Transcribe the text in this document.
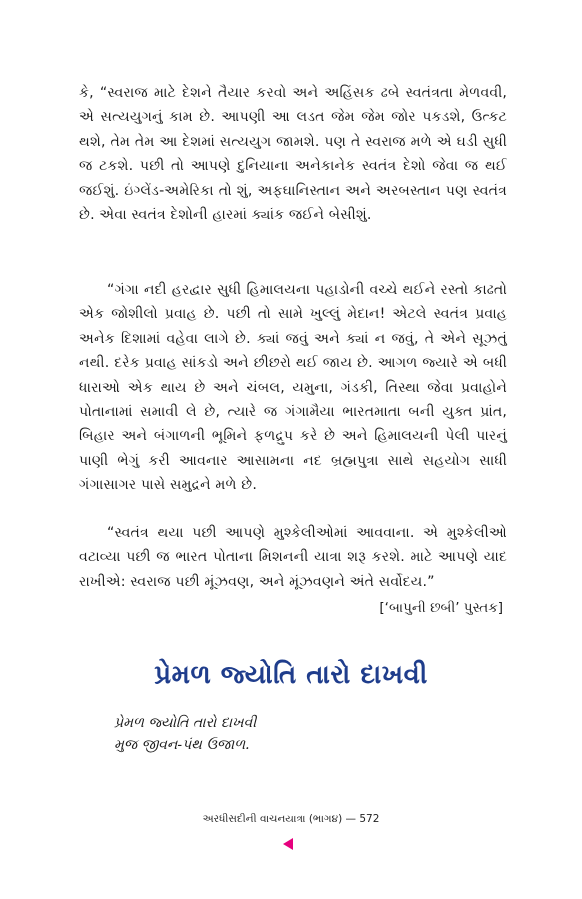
કે, “સ્વરાજ માટે દેશને તૈયાર કરવો અને અહિંસક ઢબે સ્વતંત્રતા મેળવવી, એ સત્યયુગનું કામ છે. આપણી આ લડત જેમ જેમ જોર પકડશે, ઉત્કટ થશે, તેમ તેમ આ દેશમાં સત્યયુગ જામશે. પણ તે સ્વરાજ મળે એ ઘડી સુધી જ ટકશે. પછી તો આપણે દુનિયાના અનેકાનેક સ્વતંત્ર દેશો જેવા જ થઈ જઈશું. ઇંગ્લેંડ-અમેરિકા તો શું, અફઘાનિસ્તાન અને અરબસ્તાન પણ સ્વતંત્ર છે. એવા સ્વતંત્ર દેશોની હારમાં ક્યાંક જઈને બેસીશું.

“ગંગા નદી હરદ્વાર સુધી હિમાલયના પહાડોની વચ્ચે થઈને રસ્તો કાઢતો એક જોશીલો પ્રવાહ છે. પછી તો સામે ખુલ્લું મેદાન! એટલે સ્વતંત્ર પ્રવાહ અનેક દિશામાં વહેવા લાગે છે. ક્યાં જવું અને ક્યાં ન જવું, તે એને સૂઝતું નથી. દરેક પ્રવાહ સાંકડો અને છીછરો થઈ જાય છે. આગળ જ્યારે એ બધી ધારાઓ એક થાય છે અને ચંબલ, યમુના, ગંડકી, તિસ્થા જેવા પ્રવાહોને પોતાનામાં સમાવી લે છે, ત્યારે જ ગંગામૈયા ભારતમાતા બની યુક્ત પ્રાંત, બિહાર અને બંગાળની ભૂમિને ફળદ્રુપ કરે છે અને હિમાલયની પેલી પારનું પાણી ભેગું કરી આવનાર આસામના નદ બ્રહ્મપુત્રા સાથે સહયોગ સાધી ગંગાસાગર પાસે સમુદ્રને મળે છે.

“સ્વતંત્ર થયા પછી આપણે મુશ્કેલીઓમાં આવવાના. એ મુશ્કેલીઓ વટાવ્યા પછી જ ભારત પોતાના મિશનની યાત્રા શરૂ કરશે. માટે આપણે યાદ રાખીએ: સ્વરાજ પછી મૂંઝવણ, અને મૂંઝવણને અંતે સર્વોદય.”

[‘બાપુની છબી’ પુસ્તક]

પ્રેમળ જ્યોતિ તારો દાખવી
પ્રેમળ જ્યોતિ તારો દાખવી
મુજ જીવન-પંથ ઉજાળ.

અરધીસદીની વાચનયાત્રા (ભાગ૪) — 572
